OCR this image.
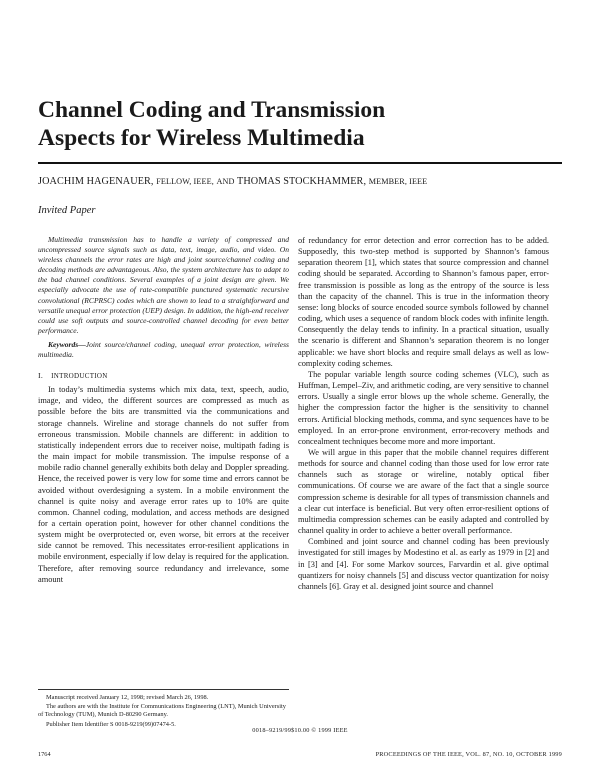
Channel Coding and Transmission
Aspects for Wireless Multimedia
JOACHIM HAGENAUER, FELLOW, IEEE, AND THOMAS STOCKHAMMER, MEMBER, IEEE
Invited Paper

Multimedia transmission has to handle a variety of compressed and uncompressed source signals such as data, text, image, audio, and video. On wireless channels the error rates are high and joint source/channel coding and decoding methods are advantageous. Also, the system architecture has to adapt to the bad channel conditions. Several examples of a joint design are given. We especially advocate the use of rate-compatible punctured systematic recursive convolutional (RCPRSC) codes which are shown to lead to a straightforward and versatile unequal error protection (UEP) design. In addition, the high-end receiver could use soft outputs and source-controlled channel decoding for even better performance.

Keywords—Joint source/channel coding, unequal error protection, wireless multimedia.

I. INTRODUCTION

In today’s multimedia systems which mix data, text, speech, audio, image, and video, the different sources are compressed as much as possible before the bits are transmitted via the communications and storage channels. Wireline and storage channels do not suffer from erroneous transmission. Mobile channels are different: in addition to statistically independent errors due to receiver noise, multipath fading is the main impact for mobile transmission. The impulse response of a mobile radio channel generally exhibits both delay and Doppler spreading. Hence, the received power is very low for some time and errors cannot be avoided without overdesigning a system. In a mobile environment the channel is quite noisy and average error rates up to 10% are quite common. Channel coding, modulation, and access methods are designed for a certain operation point, however for other channel conditions the system might be overprotected or, even worse, bit errors at the receiver side cannot be removed. This necessitates error-resilient applications in mobile environment, especially if low delay is required for the application. Therefore, after removing source redundancy and irrelevance, some amount

of redundancy for error detection and error correction has to be added. Supposedly, this two-step method is supported by Shannon’s famous separation theorem [1], which states that source compression and channel coding should be separated. According to Shannon’s famous paper, error-free transmission is possible as long as the entropy of the source is less than the capacity of the channel. This is true in the information theory sense: long blocks of source encoded source symbols followed by channel coding, which uses a sequence of random block codes with infinite length. Consequently the delay tends to infinity. In a practical situation, usually the scenario is different and Shannon’s separation theorem is no longer applicable: we have short blocks and require small delays as well as low-complexity coding schemes.

The popular variable length source coding schemes (VLC), such as Huffman, Lempel–Ziv, and arithmetic coding, are very sensitive to channel errors. Usually a single error blows up the whole scheme. Generally, the higher the compression factor the higher is the sensitivity to channel errors. Artificial blocking methods, comma, and sync sequences have to be employed. In an error-prone environment, error-recovery methods and concealment techniques become more and more important.

We will argue in this paper that the mobile channel requires different methods for source and channel coding than those used for low error rate channels such as storage or wireline, notably optical fiber communications. Of course we are aware of the fact that a single source compression scheme is desirable for all types of transmission channels and a clear cut interface is beneficial. But very often error-resilient options of multimedia compression schemes can be easily adapted and controlled by channel quality in order to achieve a better overall performance.

Combined and joint source and channel coding has been previously investigated for still images by Modestino et al. as early as 1979 in [2] and in [3] and [4]. For some Markov sources, Farvardin et al. give optimal quantizers for noisy channels [5] and discuss vector quantization for noisy channels [6]. Gray et al. designed joint source and channel

Manuscript received January 12, 1998; revised March 26, 1998.

The authors are with the Institute for Communications Engineering (LNT), Munich University of Technology (TUM), Munich D-80290 Germany.

Publisher Item Identifier S 0018-9219(99)07474-5.

0018–9219/99$10.00 © 1999 IEEE
1764	PROCEEDINGS OF THE IEEE, VOL. 87, NO. 10, OCTOBER 1999
